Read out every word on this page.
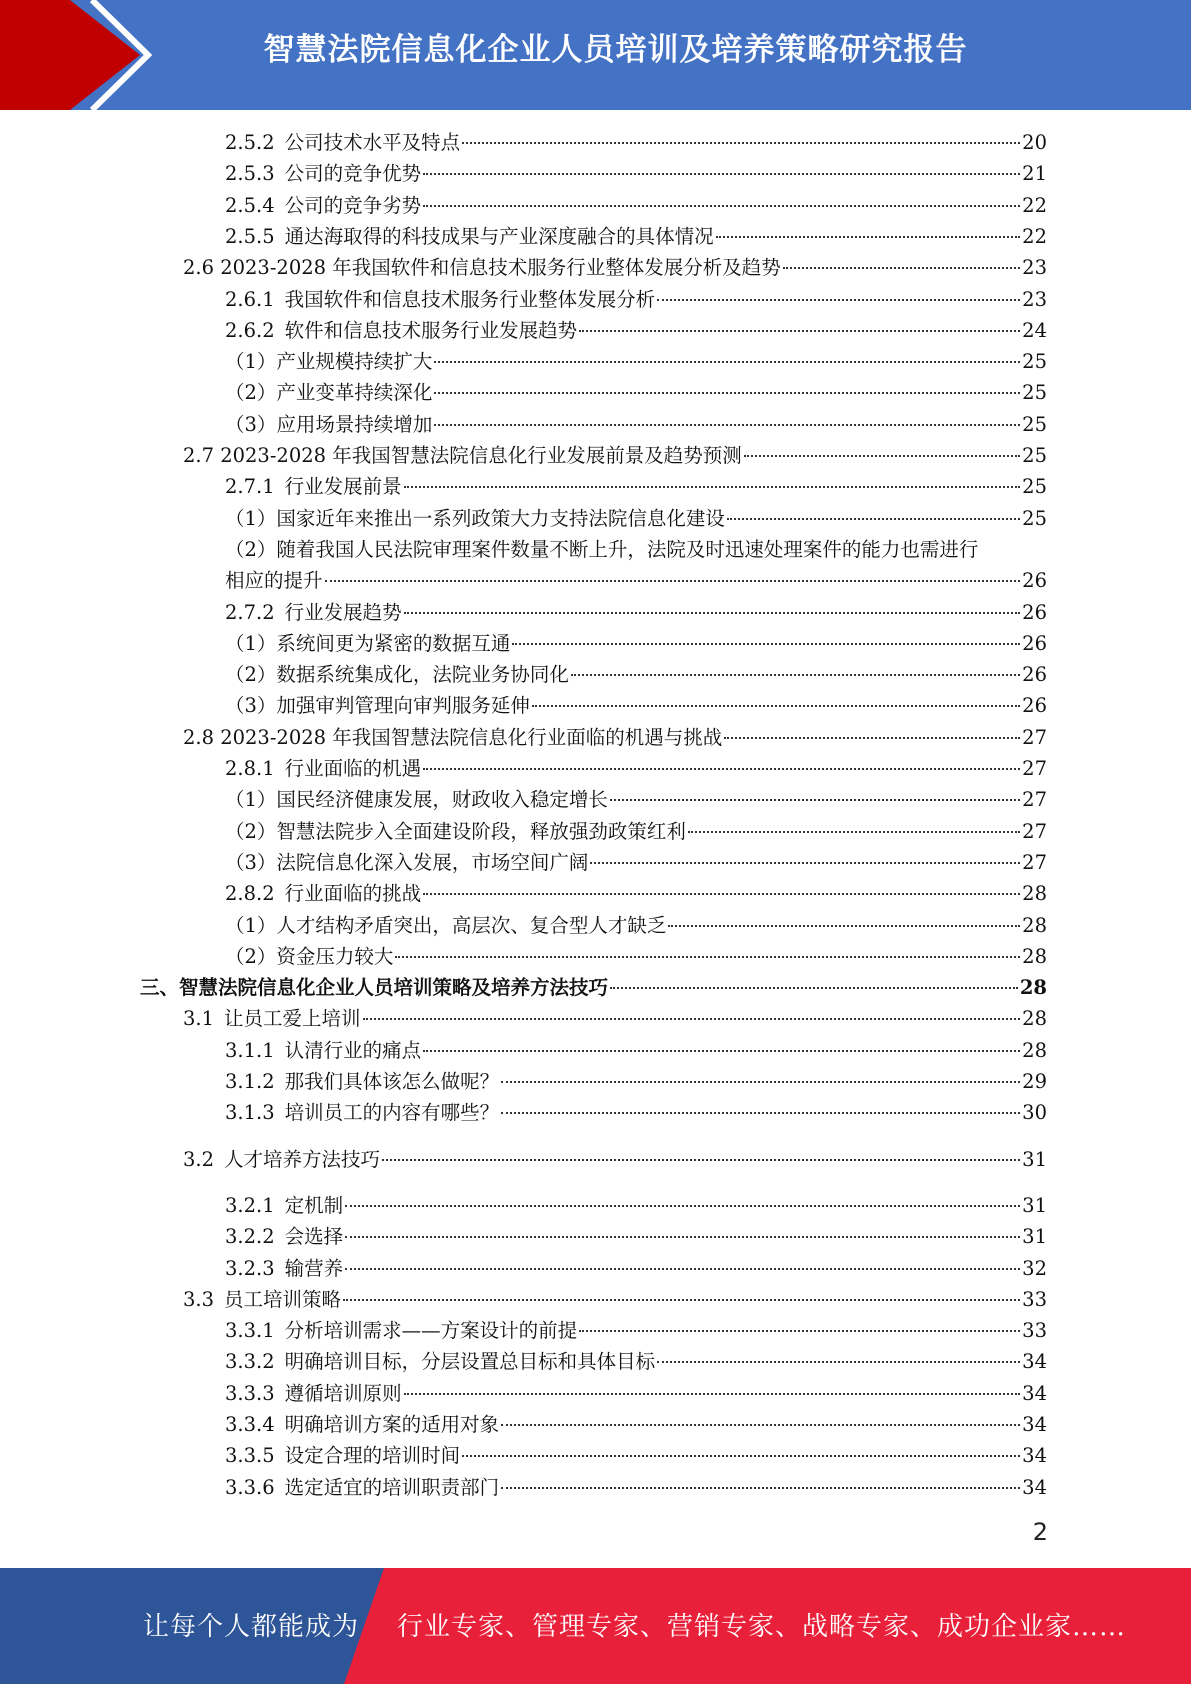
智慧法院信息化企业人员培训及培养策略研究报告
2.5.2 公司技术水平及特点	20
2.5.3 公司的竞争优势	21
2.5.4 公司的竞争劣势	22
2.5.5 通达海取得的科技成果与产业深度融合的具体情况	22
2.6 2023-2028 年我国软件和信息技术服务行业整体发展分析及趋势	23
2.6.1 我国软件和信息技术服务行业整体发展分析	23
2.6.2 软件和信息技术服务行业发展趋势	24
（1）产业规模持续扩大	25
（2）产业变革持续深化	25
（3）应用场景持续增加	25
2.7 2023-2028 年我国智慧法院信息化行业发展前景及趋势预测	25
2.7.1 行业发展前景	25
（1）国家近年来推出一系列政策大力支持法院信息化建设	25
（2）随着我国人民法院审理案件数量不断上升，法院及时迅速处理案件的能力也需进行
相应的提升	26
2.7.2 行业发展趋势	26
（1）系统间更为紧密的数据互通	26
（2）数据系统集成化，法院业务协同化	26
（3）加强审判管理向审判服务延伸	26
2.8 2023-2028 年我国智慧法院信息化行业面临的机遇与挑战	27
2.8.1 行业面临的机遇	27
（1）国民经济健康发展，财政收入稳定增长	27
（2）智慧法院步入全面建设阶段，释放强劲政策红利	27
（3）法院信息化深入发展，市场空间广阔	27
2.8.2 行业面临的挑战	28
（1）人才结构矛盾突出，高层次、复合型人才缺乏	28
（2）资金压力较大	28
三、智慧法院信息化企业人员培训策略及培养方法技巧	28
3.1 让员工爱上培训	28
3.1.1 认清行业的痛点	28
3.1.2 那我们具体该怎么做呢？	29
3.1.3 培训员工的内容有哪些？	30
3.2 人才培养方法技巧	31
3.2.1 定机制	31
3.2.2 会选择	31
3.2.3 输营养	32
3.3 员工培训策略	33
3.3.1 分析培训需求——方案设计的前提	33
3.3.2 明确培训目标，分层设置总目标和具体目标	34
3.3.3 遵循培训原则	34
3.3.4 明确培训方案的适用对象	34
3.3.5 设定合理的培训时间	34
3.3.6 选定适宜的培训职责部门	34
2
让每个人都能成为 行业专家、管理专家、营销专家、战略专家、成功企业家……
